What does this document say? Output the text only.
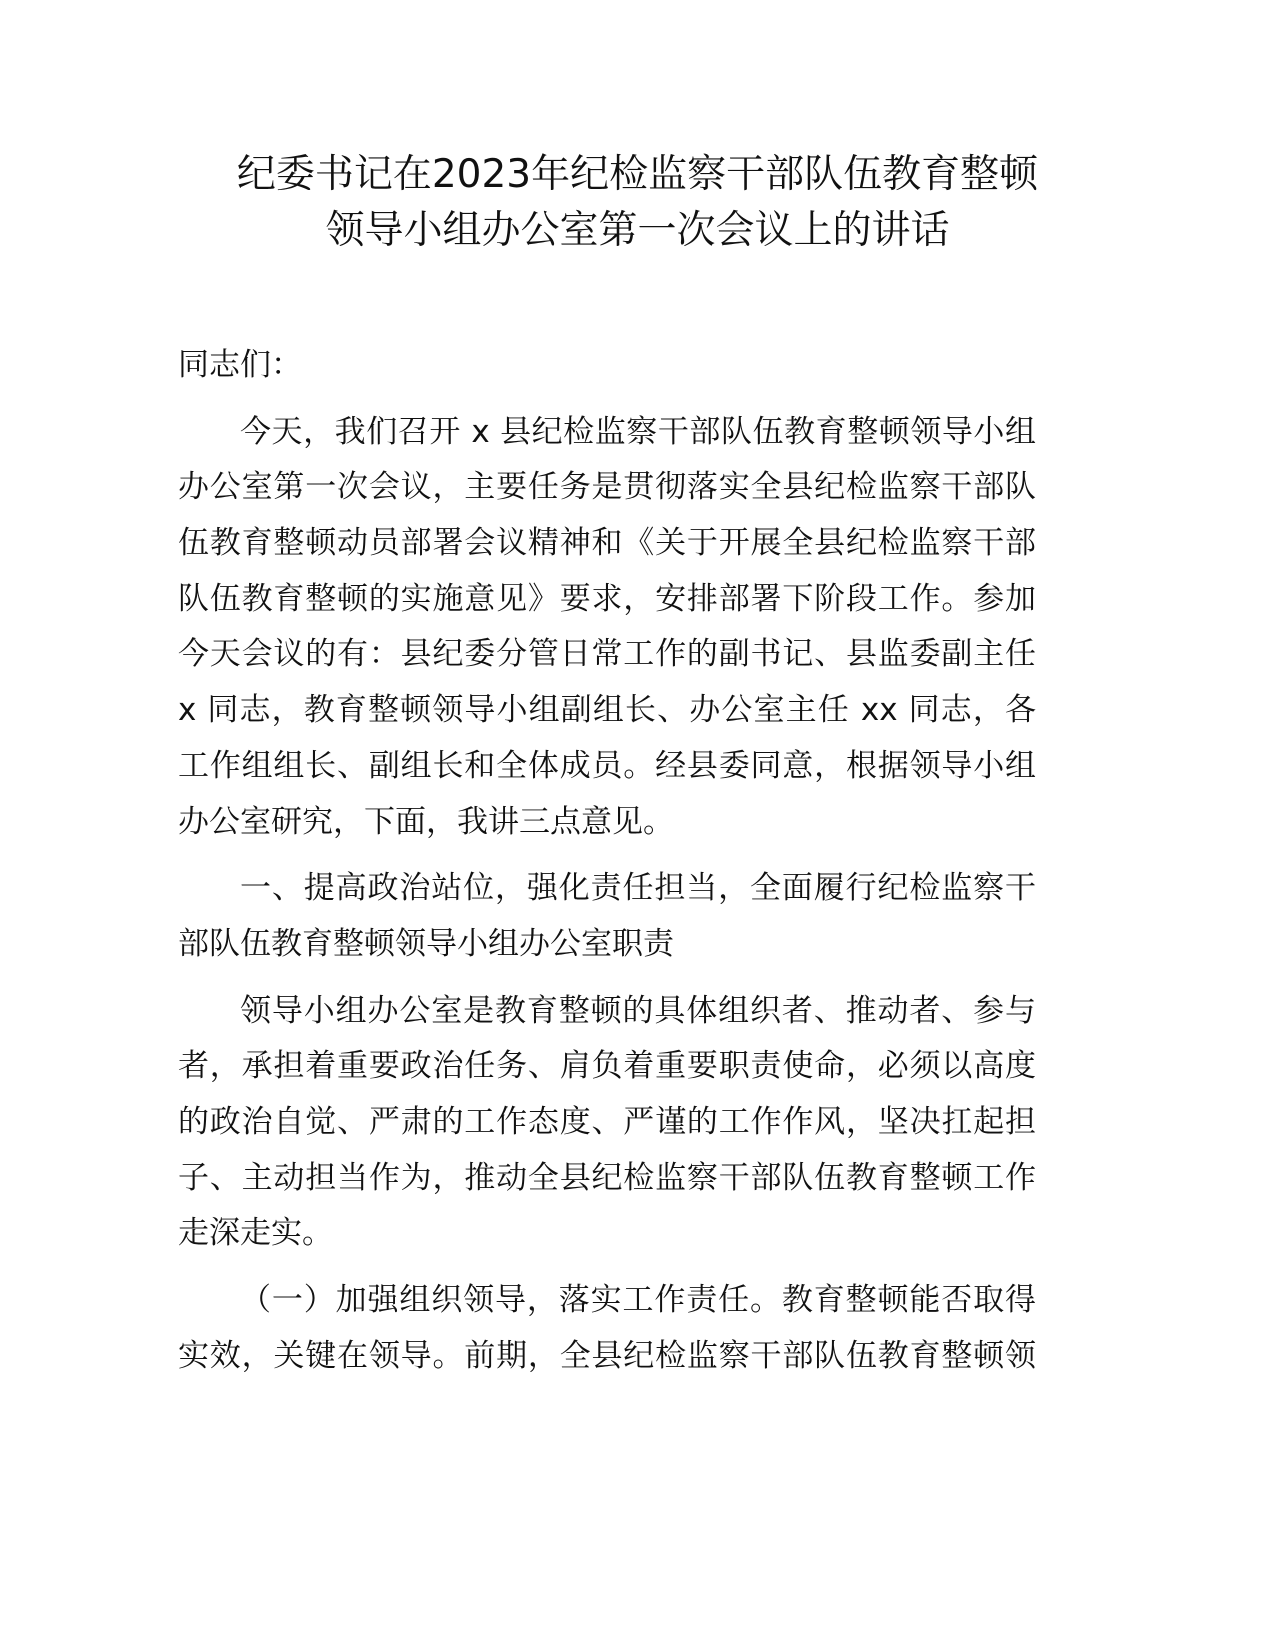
纪委书记在2023年纪检监察干部队伍教育整顿
领导小组办公室第一次会议上的讲话
同志们：
今天，我们召开 x 县纪检监察干部队伍教育整顿领导小组
办公室第一次会议，主要任务是贯彻落实全县纪检监察干部队
伍教育整顿动员部署会议精神和《关于开展全县纪检监察干部
队伍教育整顿的实施意见》要求，安排部署下阶段工作。参加
今天会议的有：县纪委分管日常工作的副书记、县监委副主任
x 同志，教育整顿领导小组副组长、办公室主任 xx 同志，各
工作组组长、副组长和全体成员。经县委同意，根据领导小组
办公室研究，下面，我讲三点意见。
一、提高政治站位，强化责任担当，全面履行纪检监察干
部队伍教育整顿领导小组办公室职责
领导小组办公室是教育整顿的具体组织者、推动者、参与
者，承担着重要政治任务、肩负着重要职责使命，必须以高度
的政治自觉、严肃的工作态度、严谨的工作作风，坚决扛起担
子、主动担当作为，推动全县纪检监察干部队伍教育整顿工作
走深走实。
（一）加强组织领导，落实工作责任。教育整顿能否取得
实效，关键在领导。前期，全县纪检监察干部队伍教育整顿领
